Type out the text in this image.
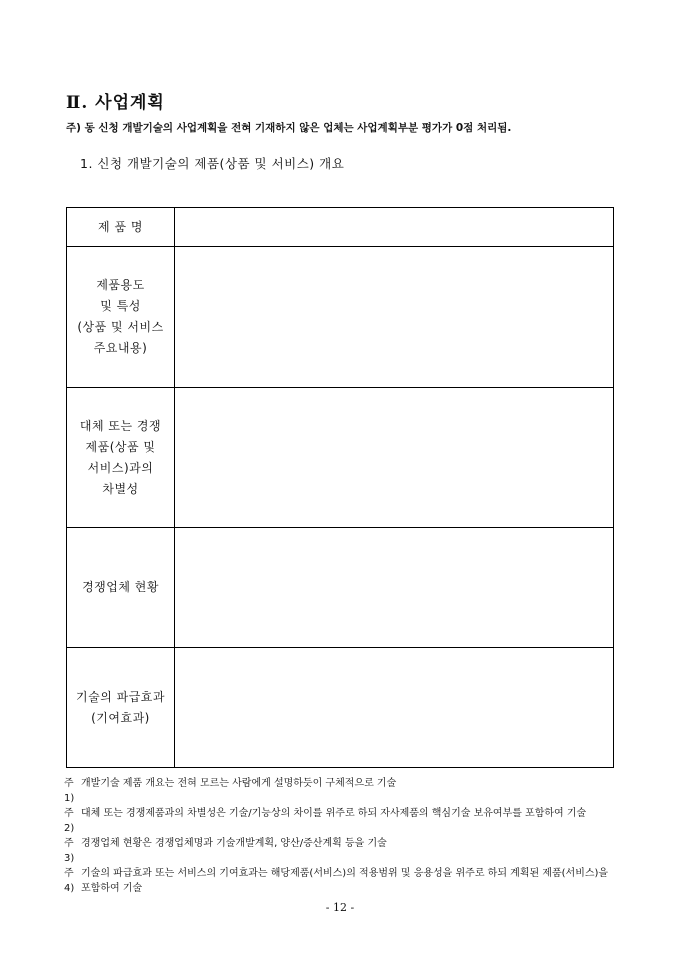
Ⅱ. 사업계획
주) 동 신청 개발기술의 사업계획을 전혀 기재하지 않은 업체는 사업계획부분 평가가 0점 처리됨.
1. 신청 개발기술의 제품(상품 및 서비스) 개요
제 품 명	

제품용도
및 특성
(상품 및 서비스
주요내용)	

대체 또는 경쟁
제품(상품 및
서비스)과의
차별성	

경쟁업체 현황	

기술의 파급효과
(기여효과)	

주1)
개발기술 제품 개요는 전혀 모르는 사람에게 설명하듯이 구체적으로 기술
주2)
대체 또는 경쟁제품과의 차별성은 기술/기능상의 차이를 위주로 하되 자사제품의 핵심기술 보유여부를 포함하여 기술
주3)
경쟁업체 현황은 경쟁업체명과 기술개발계획, 양산/증산계획 등을 기술
주4)
기술의 파급효과 또는 서비스의 기여효과는 해당제품(서비스)의 적용범위 및 응용성을 위주로 하되 계획된 제품(서비스)을 포함하여 기술
- 12 -
